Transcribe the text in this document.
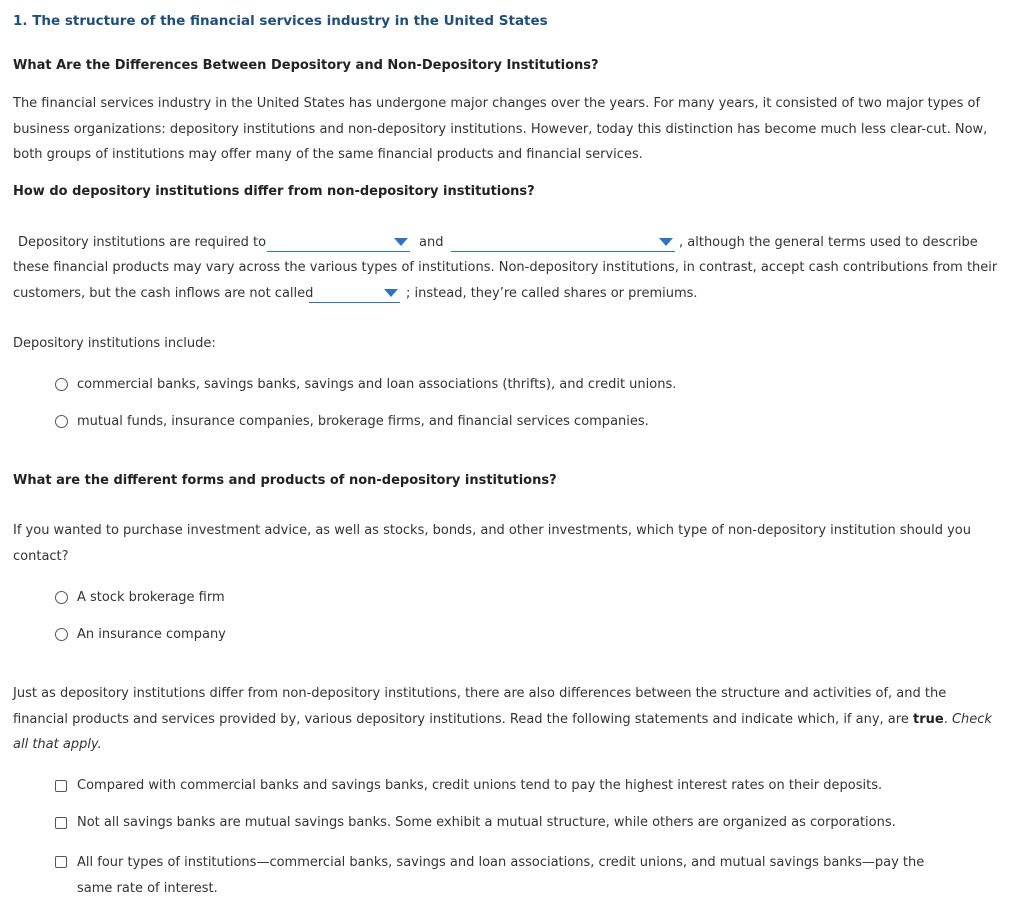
1. The structure of the financial services industry in the United States
What Are the Differences Between Depository and Non-Depository Institutions?
The financial services industry in the United States has undergone major changes over the years. For many years, it consisted of two major types of business organizations: depository institutions and non-depository institutions. However, today this distinction has become much less clear-cut. Now, both groups of institutions may offer many of the same financial products and financial services.
How do depository institutions differ from non-depository institutions?
Depository institutions are required to	and	, although the general terms used to describe
these financial products may vary across the various types of institutions. Non-depository institutions, in contrast, accept cash contributions from their
customers, but the cash inflows are not called	; instead, they’re called shares or premiums.
Depository institutions include:
commercial banks, savings banks, savings and loan associations (thrifts), and credit unions.
mutual funds, insurance companies, brokerage firms, and financial services companies.
What are the different forms and products of non-depository institutions?
If you wanted to purchase investment advice, as well as stocks, bonds, and other investments, which type of non-depository institution should you contact?
A stock brokerage firm
An insurance company
Just as depository institutions differ from non-depository institutions, there are also differences between the structure and activities of, and the financial products and services provided by, various depository institutions. Read the following statements and indicate which, if any, are true. Check all that apply.
Compared with commercial banks and savings banks, credit unions tend to pay the highest interest rates on their deposits.
Not all savings banks are mutual savings banks. Some exhibit a mutual structure, while others are organized as corporations.
All four types of institutions—commercial banks, savings and loan associations, credit unions, and mutual savings banks—pay the same rate of interest.
